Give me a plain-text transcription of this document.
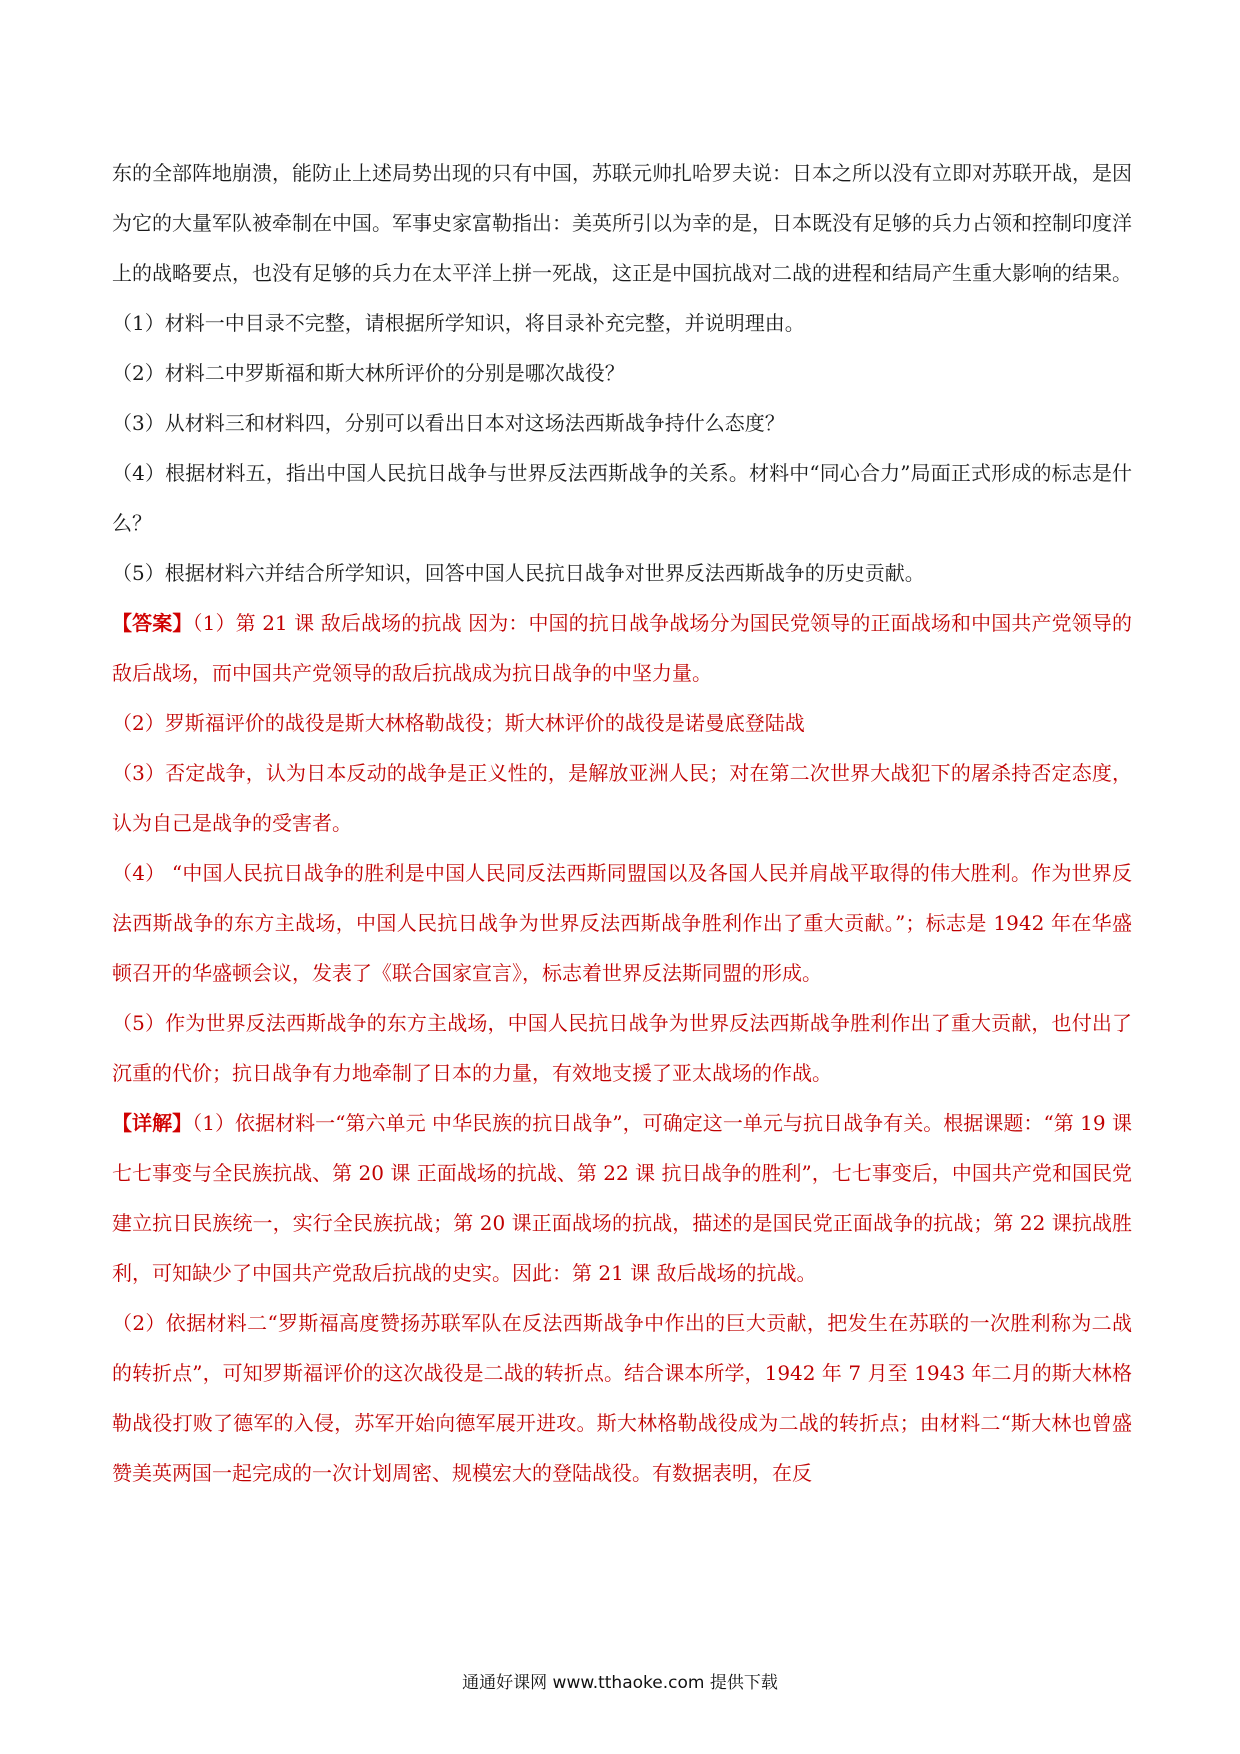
东的全部阵地崩溃，能防止上述局势出现的只有中国，苏联元帅扎哈罗夫说：日本之所以没有立即对苏联开战，是因为它的大量军队被牵制在中国。军事史家富勒指出：美英所引以为幸的是，日本既没有足够的兵力占领和控制印度洋上的战略要点，也没有足够的兵力在太平洋上拼一死战，这正是中国抗战对二战的进程和结局产生重大影响的结果。

（1）材料一中目录不完整，请根据所学知识，将目录补充完整，并说明理由。

（2）材料二中罗斯福和斯大林所评价的分别是哪次战役？

（3）从材料三和材料四，分别可以看出日本对这场法西斯战争持什么态度？

（4）根据材料五，指出中国人民抗日战争与世界反法西斯战争的关系。材料中“同心合力”局面正式形成的标志是什么？

（5）根据材料六并结合所学知识，回答中国人民抗日战争对世界反法西斯战争的历史贡献。

【答案】（1）第 21 课 敌后战场的抗战 因为：中国的抗日战争战场分为国民党领导的正面战场和中国共产党领导的敌后战场，而中国共产党领导的敌后抗战成为抗日战争的中坚力量。

（2）罗斯福评价的战役是斯大林格勒战役；斯大林评价的战役是诺曼底登陆战

（3）否定战争，认为日本反动的战争是正义性的，是解放亚洲人民；对在第二次世界大战犯下的屠杀持否定态度，认为自己是战争的受害者。

（4） “中国人民抗日战争的胜利是中国人民同反法西斯同盟国以及各国人民并肩战平取得的伟大胜利。作为世界反法西斯战争的东方主战场，中国人民抗日战争为世界反法西斯战争胜利作出了重大贡献。”；标志是 1942 年在华盛顿召开的华盛顿会议，发表了《联合国家宣言》，标志着世界反法斯同盟的形成。

（5）作为世界反法西斯战争的东方主战场，中国人民抗日战争为世界反法西斯战争胜利作出了重大贡献，也付出了沉重的代价；抗日战争有力地牵制了日本的力量，有效地支援了亚太战场的作战。

【详解】（1）依据材料一“第六单元 中华民族的抗日战争”，可确定这一单元与抗日战争有关。根据课题：“第 19 课 七七事变与全民族抗战、第 20 课 正面战场的抗战、第 22 课 抗日战争的胜利”，七七事变后，中国共产党和国民党建立抗日民族统一，实行全民族抗战；第 20 课正面战场的抗战，描述的是国民党正面战争的抗战；第 22 课抗战胜利，可知缺少了中国共产党敌后抗战的史实。因此：第 21 课 敌后战场的抗战。

（2）依据材料二“罗斯福高度赞扬苏联军队在反法西斯战争中作出的巨大贡献，把发生在苏联的一次胜利称为二战的转折点”，可知罗斯福评价的这次战役是二战的转折点。结合课本所学，1942 年 7 月至 1943 年二月的斯大林格勒战役打败了德军的入侵，苏军开始向德军展开进攻。斯大林格勒战役成为二战的转折点；由材料二“斯大林也曾盛赞美英两国一起完成的一次计划周密、规模宏大的登陆战役。有数据表明，在反

通通好课网 www.tthaoke.com 提供下载
